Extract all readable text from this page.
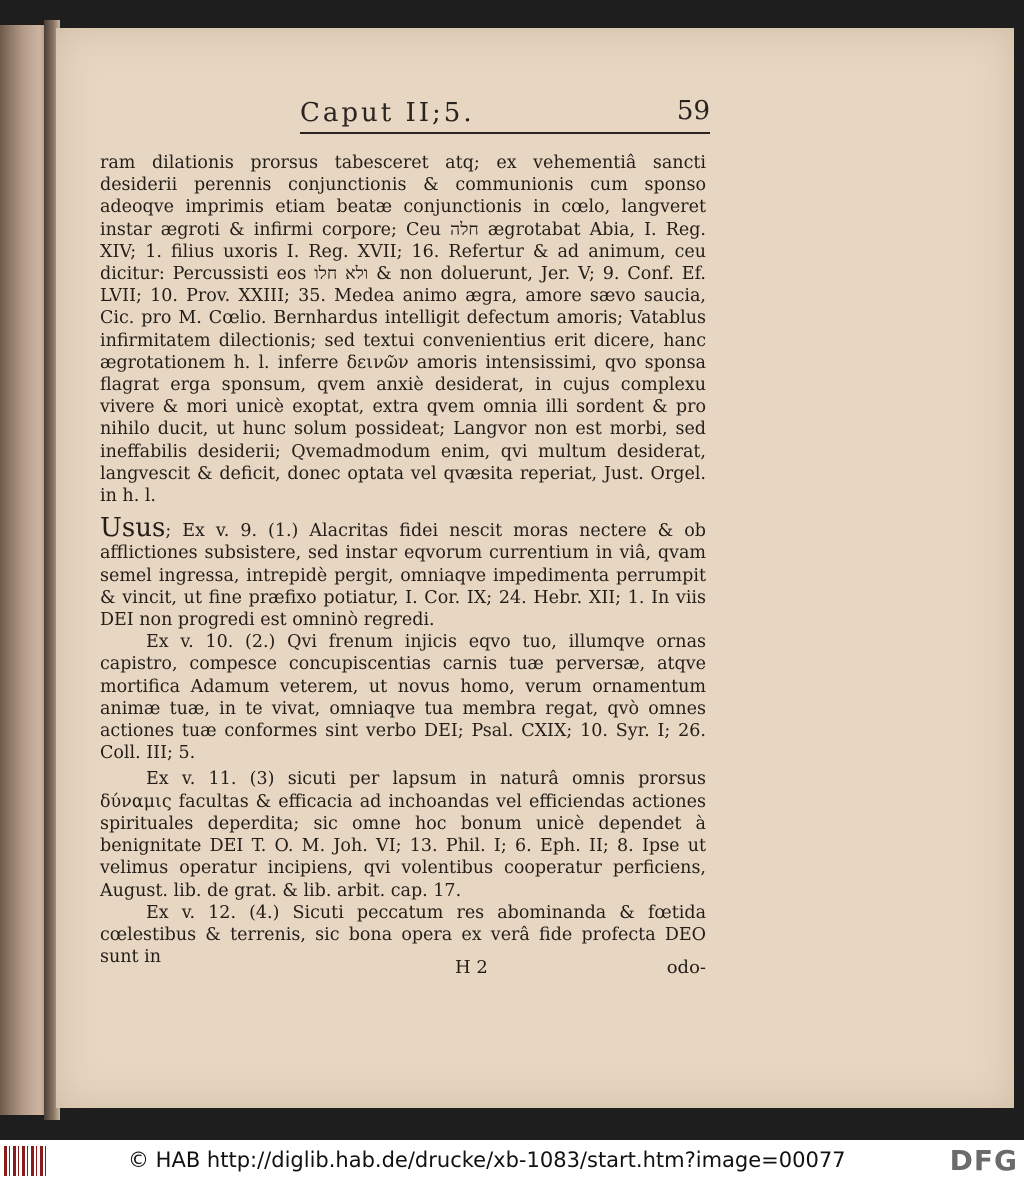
Caput II;5.	59

ram dilationis prorsus tabesceret atq; ex vehementiâ sancti desiderii perennis conjunctionis & communionis cum sponso adeoqve imprimis etiam beatæ conjunctionis in cœlo, langveret instar ægroti & infirmi corpore; Ceu חלה ægrotabat Abia, I. Reg. XIV; 1. filius uxoris I. Reg. XVII; 16. Refertur & ad animum, ceu dicitur: Percussisti eos ולא חלו & non doluerunt, Jer. V; 9. Conf. Ef. LVII; 10. Prov. XXIII; 35. Medea animo ægra, amore sævo saucia, Cic. pro M. Cœlio. Bernhardus intelligit defectum amoris; Vatablus infirmitatem dilectionis; sed textui convenientius erit dicere, hanc ægrotationem h. l. inferre δεινῶν amoris intensissimi, qvo sponsa flagrat erga sponsum, qvem anxiè desiderat, in cujus complexu vivere & mori unicè exoptat, extra qvem omnia illi sordent & pro nihilo ducit, ut hunc solum possideat; Langvor non est morbi, sed ineffabilis desiderii; Qvemadmodum enim, qvi multum desiderat, langvescit & deficit, donec optata vel qvæsita reperiat, Just. Orgel. in h. l.

Usus; Ex v. 9. (1.) Alacritas fidei nescit moras nectere & ob afflictiones subsistere, sed instar eqvorum currentium in viâ, qvam semel ingressa, intrepidè pergit, omniaqve impedimenta perrumpit & vincit, ut fine præfixo potiatur, I. Cor. IX; 24. Hebr. XII; 1. In viis DEI non progredi est omninò regredi.

Ex v. 10. (2.) Qvi frenum injicis eqvo tuo, illumqve ornas capistro, compesce concupiscentias carnis tuæ perversæ, atqve mortifica Adamum veterem, ut novus homo, verum ornamentum animæ tuæ, in te vivat, omniaqve tua membra regat, qvò omnes actiones tuæ conformes sint verbo DEI; Psal. CXIX; 10. Syr. I; 26. Coll. III; 5.

Ex v. 11. (3) sicuti per lapsum in naturâ omnis prorsus δύναμις facultas & efficacia ad inchoandas vel efficiendas actiones spirituales deperdita; sic omne hoc bonum unicè dependet à benignitate DEI T. O. M. Joh. VI; 13. Phil. I; 6. Eph. II; 8. Ipse ut velimus operatur incipiens, qvi volentibus cooperatur perficiens, August. lib. de grat. & lib. arbit. cap. 17.

Ex v. 12. (4.) Sicuti peccatum res abominanda & fœtida cœlestibus & terrenis, sic bona opera ex verâ fide profecta DEO sunt in	H 2	odo-
© HAB http://diglib.hab.de/drucke/xb-1083/start.htm?image=00077	DFG
